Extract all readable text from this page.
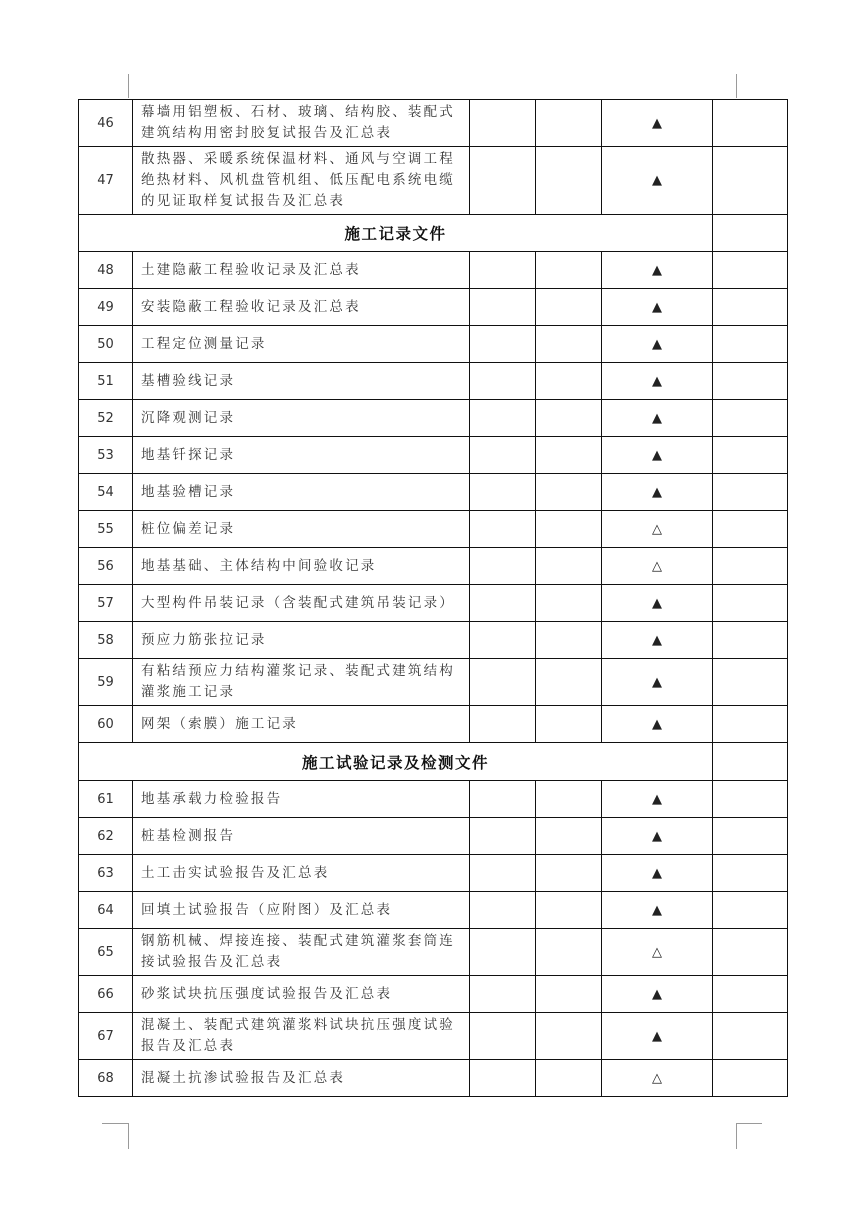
46	幕墙用铝塑板、石材、玻璃、结构胶、装配式建筑结构用密封胶复试报告及汇总表			▲	
47	散热器、采暖系统保温材料、通风与空调工程绝热材料、风机盘管机组、低压配电系统电缆的见证取样复试报告及汇总表			▲	
施工记录文件					
48	土建隐蔽工程验收记录及汇总表			▲	
49	安装隐蔽工程验收记录及汇总表			▲	
50	工程定位测量记录			▲	
51	基槽验线记录			▲	
52	沉降观测记录			▲	
53	地基钎探记录			▲	
54	地基验槽记录			▲	
55	桩位偏差记录			△	
56	地基基础、主体结构中间验收记录			△	
57	大型构件吊装记录（含装配式建筑吊装记录）			▲	
58	预应力筋张拉记录			▲	
59	有粘结预应力结构灌浆记录、装配式建筑结构灌浆施工记录			▲	
60	网架（索膜）施工记录			▲	
施工试验记录及检测文件					
61	地基承载力检验报告			▲	
62	桩基检测报告			▲	
63	土工击实试验报告及汇总表			▲	
64	回填土试验报告（应附图）及汇总表			▲	
65	钢筋机械、焊接连接、装配式建筑灌浆套筒连接试验报告及汇总表			△	
66	砂浆试块抗压强度试验报告及汇总表			▲	
67	混凝土、装配式建筑灌浆料试块抗压强度试验报告及汇总表			▲	
68	混凝土抗渗试验报告及汇总表			△	
